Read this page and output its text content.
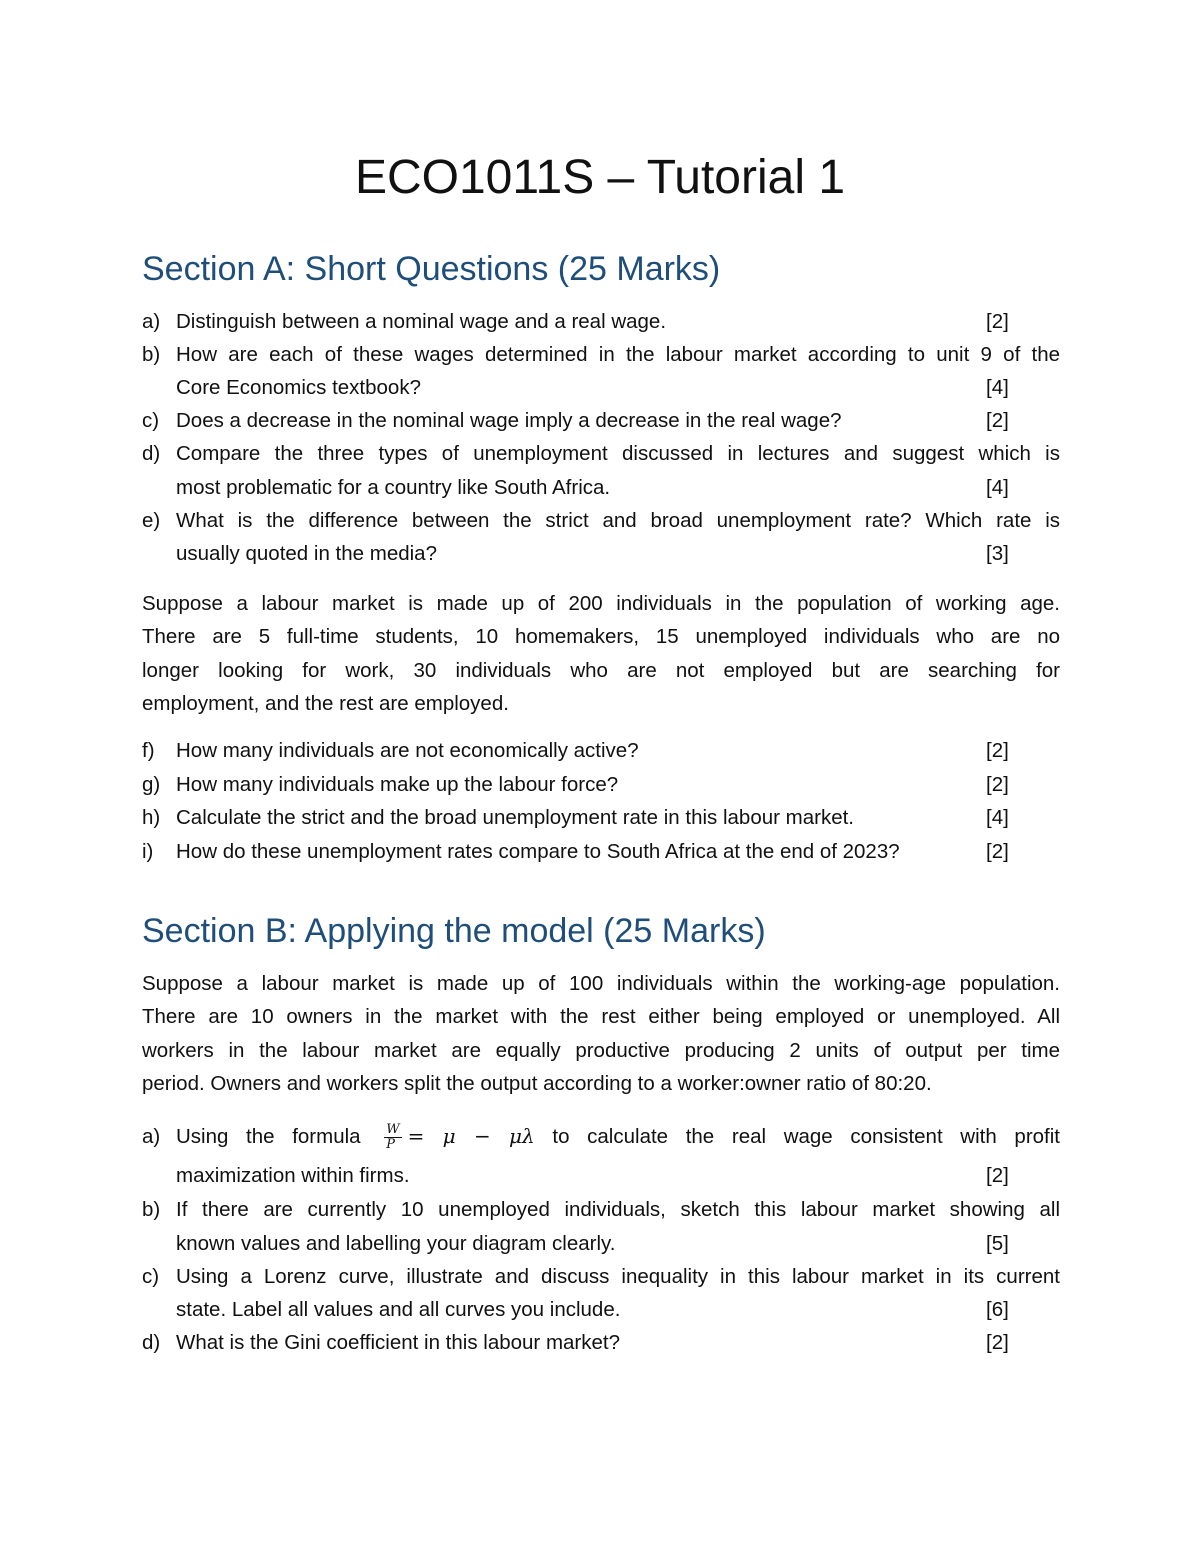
ECO1011S – Tutorial 1
Section A: Short Questions (25 Marks)
a) Distinguish between a nominal wage and a real wage.	[2]
b) How are each of these wages determined in the labour market according to unit 9 of the
Core Economics textbook?	[4]
c) Does a decrease in the nominal wage imply a decrease in the real wage?	[2]
d) Compare the three types of unemployment discussed in lectures and suggest which is
most problematic for a country like South Africa.	[4]
e) What is the difference between the strict and broad unemployment rate? Which rate is
usually quoted in the media?	[3]
Suppose a labour market is made up of 200 individuals in the population of working age.
There are 5 full-time students, 10 homemakers, 15 unemployed individuals who are no
longer looking for work, 30 individuals who are not employed but are searching for
employment, and the rest are employed.
f) How many individuals are not economically active?	[2]
g) How many individuals make up the labour force?	[2]
h) Calculate the strict and the broad unemployment rate in this labour market.	[4]
i) How do these unemployment rates compare to South Africa at the end of 2023?	[2]
Section B: Applying the model (25 Marks)
Suppose a labour market is made up of 100 individuals within the working-age population.
There are 10 owners in the market with the rest either being employed or unemployed. All
workers in the labour market are equally productive producing 2 units of output per time
period. Owners and workers split the output according to a worker:owner ratio of 80:20.
a) Using the formula $\frac{W}{P} = \mu - \mu\lambda$ to calculate the real wage consistent with profit
maximization within firms.	[2]
b) If there are currently 10 unemployed individuals, sketch this labour market showing all
known values and labelling your diagram clearly.	[5]
c) Using a Lorenz curve, illustrate and discuss inequality in this labour market in its current
state. Label all values and all curves you include.	[6]
d) What is the Gini coefficient in this labour market?	[2]
